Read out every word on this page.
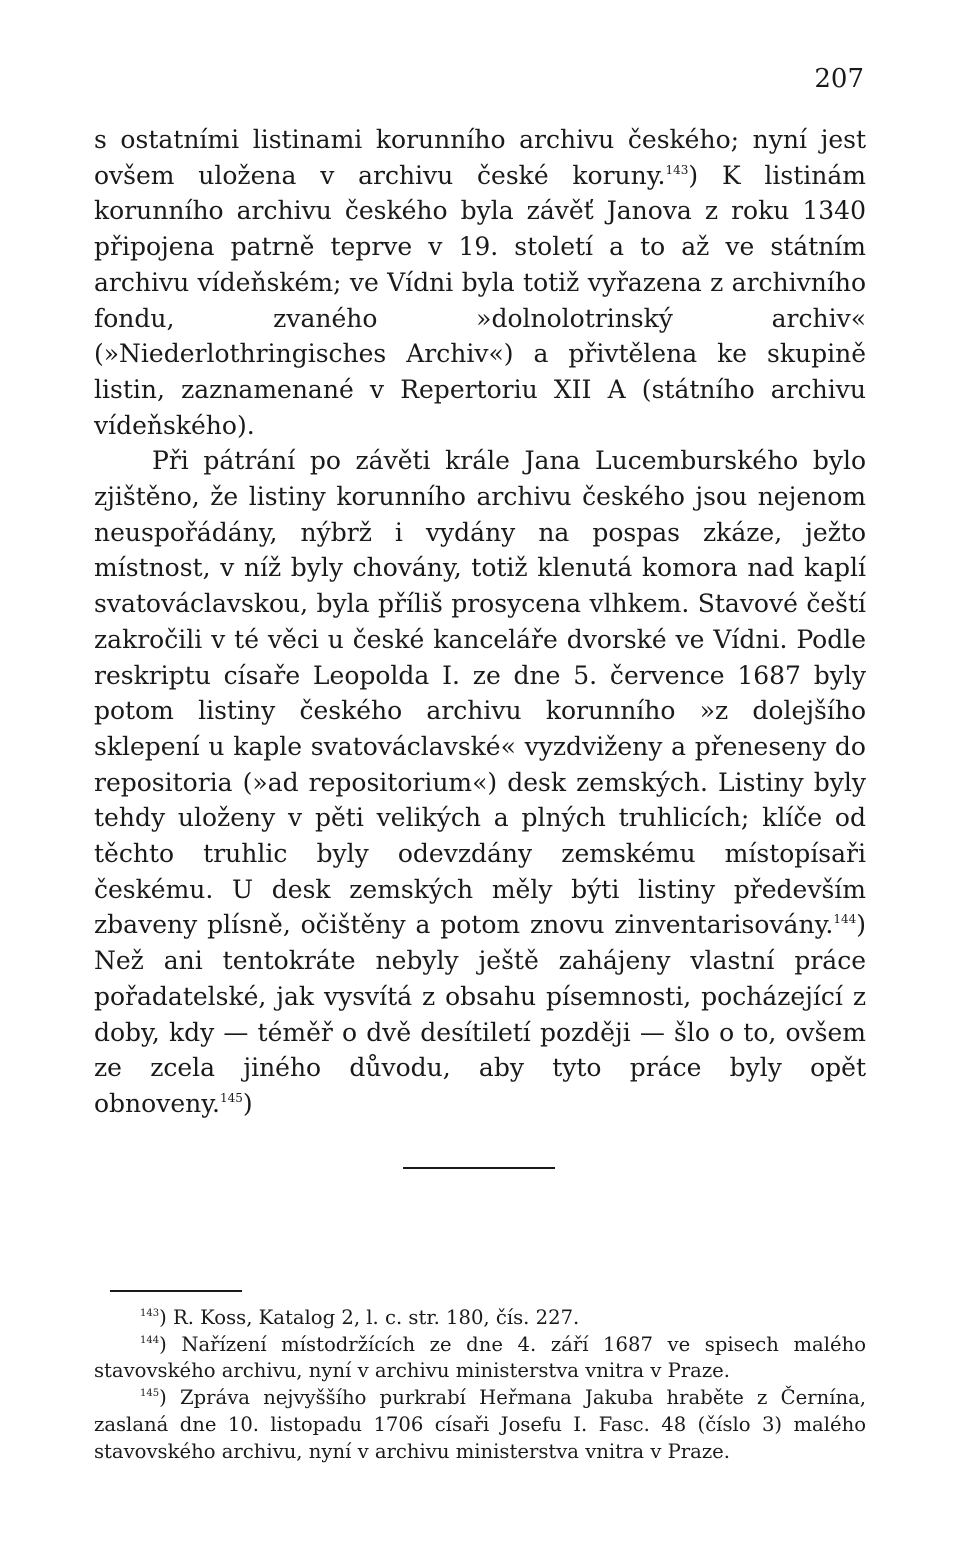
207

s ostatními listinami korunního archivu českého; nyní jest ovšem uložena v archivu české koruny.$^{143}$) K listinám korunního archivu českého byla závěť Janova z roku 1340 připojena patrně teprve v 19. století a to až ve státním archivu vídeňském; ve Vídni byla totiž vyřazena z archivního fondu, zvaného »dolnolotrinský archiv« (»Niederlothringisches Archiv«) a přivtělena ke skupině listin, zaznamenané v Repertoriu XII A (státního archivu vídeňského).

Při pátrání po závěti krále Jana Lucemburského bylo zjištěno, že listiny korunního archivu českého jsou nejenom neuspořádány, nýbrž i vydány na pospas zkáze, ježto místnost, v níž byly chovány, totiž klenutá komora nad kaplí svatováclavskou, byla příliš prosycena vlhkem. Stavové čeští zakročili v té věci u české kanceláře dvorské ve Vídni. Podle reskriptu císaře Leopolda I. ze dne 5. července 1687 byly potom listiny českého archivu korunního »z dolejšího sklepení u kaple svatováclavské« vyzdviženy a přeneseny do repositoria (»ad repositorium«) desk zemských. Listiny byly tehdy uloženy v pěti velikých a plných truhlicích; klíče od těchto truhlic byly odevzdány zemskému místopísaři českému. U desk zemských měly býti listiny především zbaveny plísně, očištěny a potom znovu zinventarisovány.$^{144}$) Než ani tentokráte nebyly ještě zahájeny vlastní práce pořadatelské, jak vysvítá z obsahu písemnosti, pocházející z doby, kdy — téměř o dvě desítiletí později — šlo o to, ovšem ze zcela jiného důvodu, aby tyto práce byly opět obnoveny.$^{145}$)

$^{143}$) R. Koss, Katalog 2, l. c. str. 180, čís. 227.

$^{144}$) Nařízení místodržících ze dne 4. září 1687 ve spisech malého stavovského archivu, nyní v archivu ministerstva vnitra v Praze.

$^{145}$) Zpráva nejvyššího purkrabí Heřmana Jakuba hraběte z Černína, zaslaná dne 10. listopadu 1706 císaři Josefu I. Fasc. 48 (číslo 3) malého stavovského archivu, nyní v archivu ministerstva vnitra v Praze.
